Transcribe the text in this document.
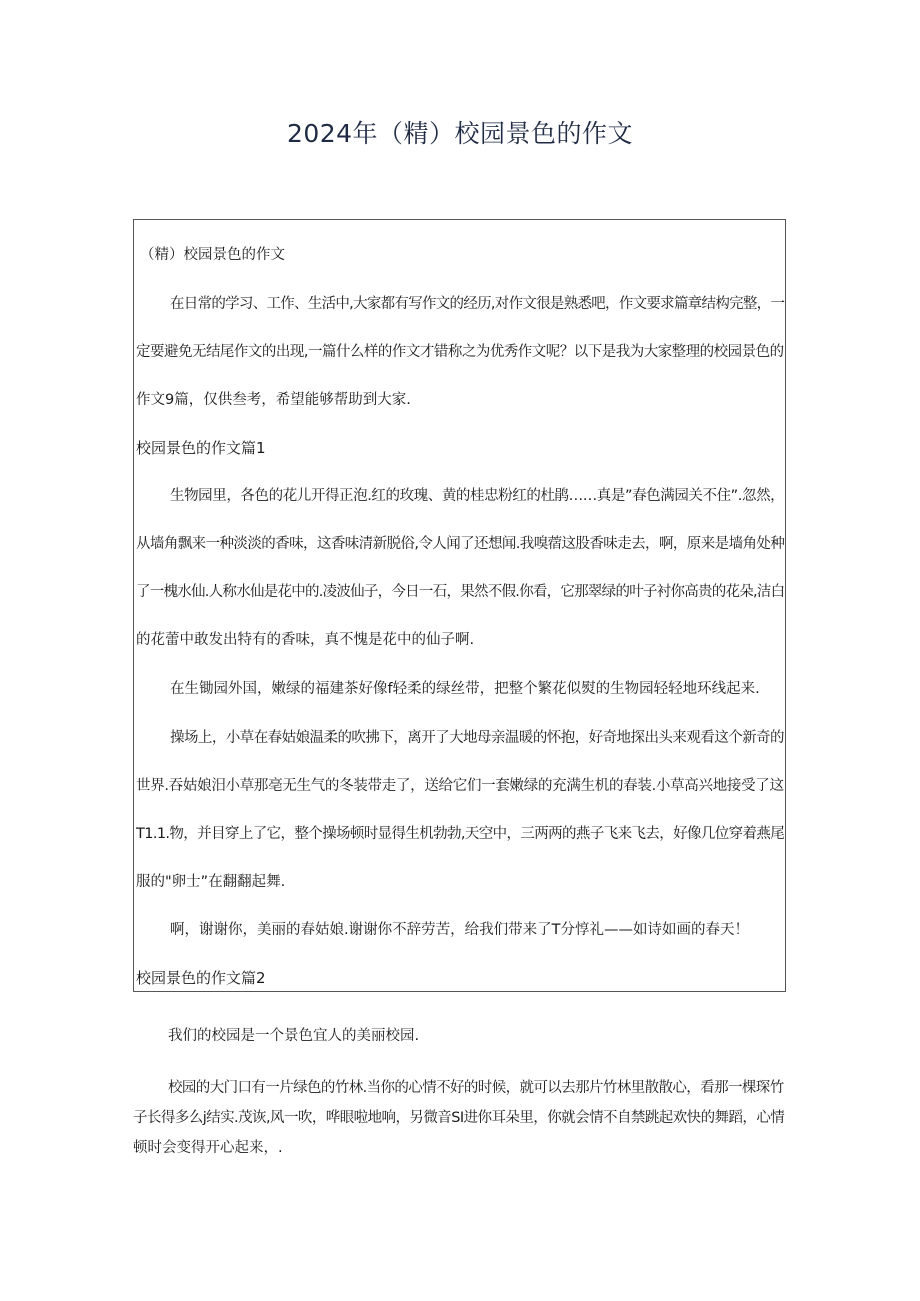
2024年（精）校园景色的作文

（精）校园景色的作文

在日常的学习、工作、生活中,大家都有写作文的经历,对作文很是熟悉吧，作文要求篇章结构完整，一

定要避免无结尾作文的出现,一篇什么样的作文才错称之为优秀作文呢？以下是我为大家整理的校园景色的

作文9篇，仅供叁考，希望能够帮助到大家.

校园景色的作文篇1

生物园里，各色的花儿开得正泡.红的玫瑰、黄的桂忠粉红的杜鹃……真是”春色满园关不住”.忽然，

从墙角飘来一种淡淡的香味，这香味清新脱俗,令人闻了还想闻.我嗅蓿这股香味走去，啊，原来是墙角处种

了一槐水仙.人称水仙是花中的.凌波仙子，今日一石，果然不假.你看，它那翠绿的叶子衬你高贵的花朵,洁白

的花蕾中敢发出特有的香味，真不愧是花中的仙子啊.

在生锄园外国，嫩绿的福建茶好像f轻柔的绿丝带，把整个繁花似熨的生物园轻轻地环线起来.

操场上，小草在春姑娘温柔的吹拂下，离开了大地母亲温暖的怀抱，好奇地探出头来观看这个新奇的

世界.吞姑娘汨小草那亳无生气的冬装带走了，送给它们一套嫩绿的充满生机的春装.小草高兴地接受了这

T1.1.物，并目穿上了它，整个操场顿时显得生机勃勃,天空中，三两两的燕子飞来飞去，好像几位穿着燕尾

服的"卵士”在翻翻起舞.

啊，谢谢你，美丽的春姑娘.谢谢你不辞劳苦，给我们带来了T分惇礼——如诗如画的春天！

校园景色的作文篇2

我们的校园是一个景色宜人的美丽校园.

校园的大门口有一片绿色的竹林.当你的心情不好的时候，就可以去那片竹林里散散心，看那一棵琛竹

子长得多么j结实.茂诙,风一吹，哗眼啦地响，另微音SI进你耳朵里，你就会情不自禁跳起欢快的舞蹈，心情

顿时会变得开心起来，.
